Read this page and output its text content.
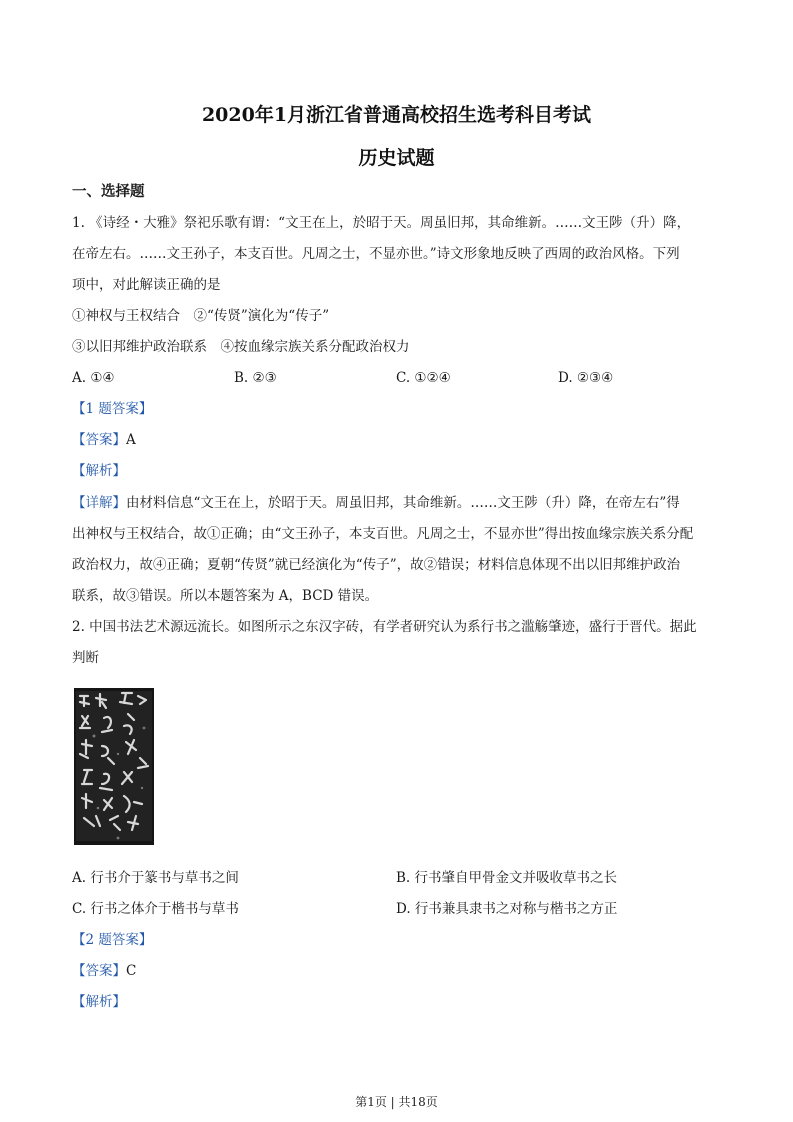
2020年1月浙江省普通高校招生选考科目考试
历史试题
一、选择题
1. 《诗经・大雅》祭祀乐歌有谓：“文王在上，於昭于天。周虽旧邦，其命维新。……文王陟（升）降，
在帝左右。……文王孙子，本支百世。凡周之士，不显亦世。”诗文形象地反映了西周的政治风格。下列
项中，对此解读正确的是
①神权与王权结合　②“传贤”演化为“传子”
③以旧邦维护政治联系　④按血缘宗族关系分配政治权力
A. ①④	B. ②③	C. ①②④	D. ②③④
【1 题答案】
【答案】A
【解析】
【详解】由材料信息“文王在上，於昭于天。周虽旧邦，其命维新。……文王陟（升）降，在帝左右”得
出神权与王权结合，故①正确；由“文王孙子，本支百世。凡周之士，不显亦世”得出按血缘宗族关系分配
政治权力，故④正确；夏朝“传贤”就已经演化为“传子”，故②错误；材料信息体现不出以旧邦维护政治
联系，故③错误。所以本题答案为 A，BCD 错误。
2. 中国书法艺术源远流长。如图所示之东汉字砖，有学者研究认为系行书之滥觞肇迹，盛行于晋代。据此
判断
A. 行书介于篆书与草书之间	B. 行书肇自甲骨金文并吸收草书之长
C. 行书之体介于楷书与草书	D. 行书兼具隶书之对称与楷书之方正
【2 题答案】
【答案】C
【解析】
第1页 | 共18页
